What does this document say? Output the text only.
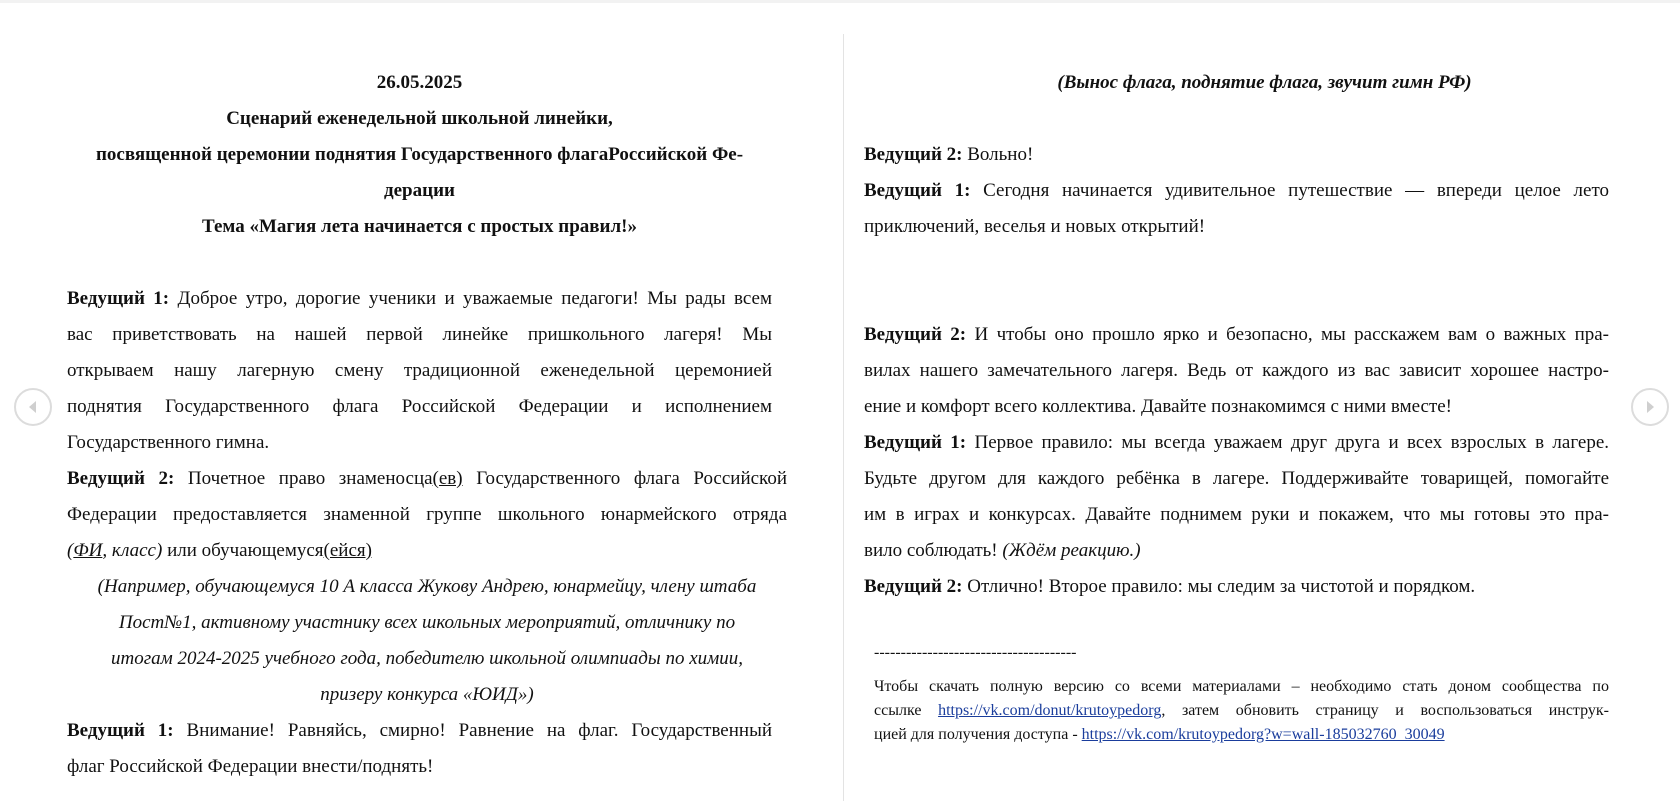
26.05.2025
Сценарий еженедельной школьной линейки,
посвященной церемонии поднятия Государственного флагаРоссийской Фе-
дерации
Тема «Магия лета начинается с простых правил!»
Ведущий 1: Доброе утро, дорогие ученики и уважаемые педагоги! Мы рады всем
вас приветствовать на нашей первой линейке пришкольного лагеря! Мы
открываем нашу лагерную смену традиционной еженедельной церемонией
поднятия Государственного флага Российской Федерации и исполнением
Государственного гимна.
Ведущий 2: Почетное право знаменосца(ев) Государственного флага Российской
Федерации предоставляется знаменной группе школьного юнармейского отряда
(ФИ, класс) или обучающемуся(ейся)
(Например, обучающемуся 10 А класса Жукову Андрею, юнармейцу, члену штаба
Пост№1, активному участнику всех школьных мероприятий, отличнику по
итогам 2024-2025 учебного года, победителю школьной олимпиады по химии,
призеру конкурса «ЮИД»)
Ведущий 1: Внимание! Равняйсь, смирно! Равнение на флаг. Государственный
флаг Российской Федерации внести/поднять!
(Вынос флага, поднятие флага, звучит гимн РФ)
Ведущий 2: Вольно!
Ведущий 1: Сегодня начинается удивительное путешествие — впереди целое лето
приключений, веселья и новых открытий!
Ведущий 2: И чтобы оно прошло ярко и безопасно, мы расскажем вам о важных пра-
вилах нашего замечательного лагеря. Ведь от каждого из вас зависит хорошее настро-
ение и комфорт всего коллектива. Давайте познакомимся с ними вместе!
Ведущий 1: Первое правило: мы всегда уважаем друг друга и всех взрослых в лагере.
Будьте другом для каждого ребёнка в лагере. Поддерживайте товарищей, помогайте
им в играх и конкурсах. Давайте поднимем руки и покажем, что мы готовы это пра-
вило соблюдать! (Ждём реакцию.)
Ведущий 2: Отлично! Второе правило: мы следим за чистотой и порядком.
--------------------------------------
Чтобы скачать полную версию со всеми материалами – необходимо стать доном сообщества по
ссылке https://vk.com/donut/krutoypedorg, затем обновить страницу и воспользоваться инструк-
цией для получения доступа - https://vk.com/krutoypedorg?w=wall-185032760_30049
